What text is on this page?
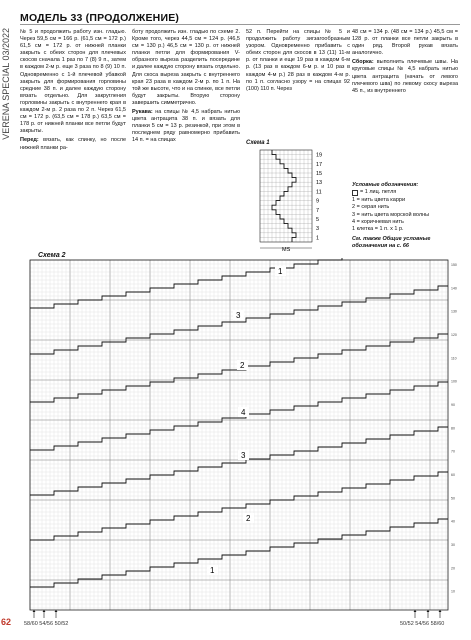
МОДЕЛЬ 33 (ПРОДОЛЖЕНИЕ)
VERENA SPECIAL 03/2022 № 5 и продолжить работу изн. гладью. Через 59,5 см = 166 р. (61,5 см = 172 р.) 61,5 см = 172 р. от нижней планки закрыть с обеих сторон для плечевых скосов сначала 1 раз по 7 (8) 9 п., затем в каждом 2-м р. еще 3 раза по 8 (9) 10 п. Одновременно с 1-й плечевой убавкой закрыть для формирования горловины средние 38 п. и далее каждую сторону вязать отдельно. Для закругления горловины закрыть с внутреннего края в каждом 2-м р. 2 раза по 2 п. Через 61,5 см = 172 р. (63,5 см = 178 р.) 63,5 см = 178 р. от нижней планки все петли будут закрыты.

Перед: вязать, как спинку, но после нижней планки ра-

боту продолжить изн. гладью по схеме 2. Кроме того, через 44,5 см = 124 р. (46,5 см = 130 р.) 46,5 см = 130 р. от нижней планки петли для формирования V-образного выреза разделить посередине и далее каждую сторону вязать отдельно. Для скоса выреза закрыть с внутреннего края 23 раза в каждом 2-м р. по 1 п. На той же высоте, что и на спинке, все петли будут закрыты. Вторую сторону завершить симметрично.

Рукава: на спицы № 4,5 набрать нитью цвета антрацита 38 п. и вязать для планки 5 см = 13 р. резинкой, при этом в последнем ряду равномерно прибавить 14 п. = на спицах

52 п. Перейти на спицы № 5 и продолжить работу зигзагообразным узором. Одновременно прибавить с обеих сторон для скосов в 13 (11) 11-м р. от планки и еще 19 раз в каждом 6-м р. (13 раз в каждом 6-м р. и 10 раз в каждом 4-м р.) 28 раз в каждом 4-м р. по 1 п. согласно узору = на спицах 92 (100) 110 п. Через

48 см = 134 р. (48 см = 134 р.) 45,5 см = 128 р. от планки все петли закрыть в один ряд. Второй рукав вязать аналогично.

Сборка: выполнить плечевые швы. На круговые спицы № 4,5 набрать нитью цвета антрацита (начать от левого плечевого шва) по левому скосу выреза 45 п., из внутреннего

Схема 1
19
17
15
13
11
9
7
5
3
1
MS
Условные обозначения:
= 1 лиц. петля
1 = нить цвета карри
2 = серая нить
3 = нить цвета морской волны
4 = коричневая нить
1 клетка = 1 п. х 1 р.
См. также Общие условные обозначения на с. 66
Схема 2
1
3
2
4
3
2
1
150
140
130
120
110
100
90
80
70
60
50
40
30
20
10
62 58/60 54/56 50/52	50/52 54/56 58/60
